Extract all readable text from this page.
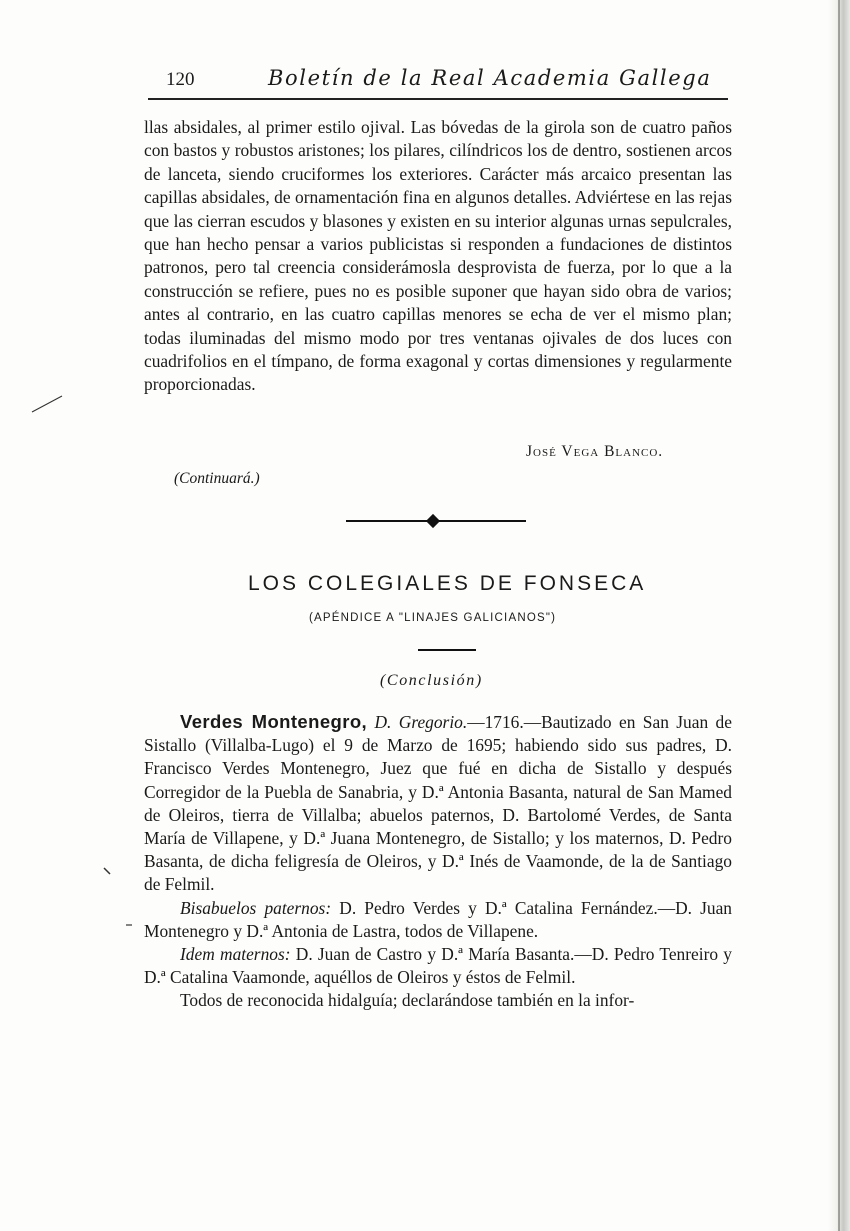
120	Boletín de la Real Academia Gallega

llas absidales, al primer estilo ojival. Las bóvedas de la girola son de cuatro paños con bastos y robustos aristones; los pilares, cilíndricos los de dentro, sostienen arcos de lanceta, siendo cruciformes los exteriores. Carácter más arcaico presentan las capillas absidales, de ornamentación fina en algunos detalles. Adviértese en las rejas que las cierran escudos y blasones y existen en su interior algunas urnas sepulcrales, que han hecho pensar a varios publicistas si responden a fundaciones de distintos patronos, pero tal creencia considerámosla desprovista de fuerza, por lo que a la construcción se refiere, pues no es posible suponer que hayan sido obra de varios; antes al contrario, en las cuatro capillas menores se echa de ver el mismo plan; todas iluminadas del mismo modo por tres ventanas ojivales de dos luces con cuadrifolios en el tímpano, de forma exagonal y cortas dimensiones y regularmente proporcionadas.

José Vega Blanco.
(Continuará.)
LOS COLEGIALES DE FONSECA
(APÉNDICE A "LINAJES GALICIANOS")
(Conclusión)

Verdes Montenegro, D. Gregorio.—1716.—Bautizado en San Juan de Sistallo (Villalba-Lugo) el 9 de Marzo de 1695; habiendo sido sus padres, D. Francisco Verdes Montenegro, Juez que fué en dicha de Sistallo y después Corregidor de la Puebla de Sanabria, y D.ª Antonia Basanta, natural de San Mamed de Oleiros, tierra de Villalba; abuelos paternos, D. Bartolomé Verdes, de Santa María de Villapene, y D.ª Juana Montenegro, de Sistallo; y los maternos, D. Pedro Basanta, de dicha feligresía de Oleiros, y D.ª Inés de Vaamonde, de la de Santiago de Felmil.

Bisabuelos paternos: D. Pedro Verdes y D.ª Catalina Fernández.—D. Juan Montenegro y D.ª Antonia de Lastra, todos de Villapene.

Idem maternos: D. Juan de Castro y D.ª María Basanta.—D. Pedro Tenreiro y D.ª Catalina Vaamonde, aquéllos de Oleiros y éstos de Felmil.

Todos de reconocida hidalguía; declarándose también en la infor-
